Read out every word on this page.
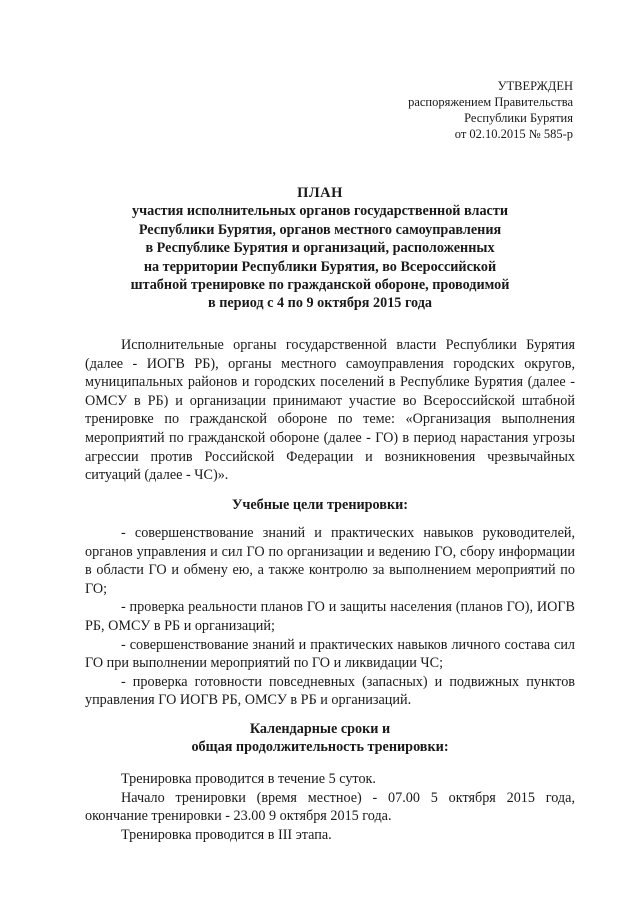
УТВЕРЖДЕН
распоряжением Правительства
Республики Бурятия
от 02.10.2015 № 585-р
ПЛАН
участия исполнительных органов государственной власти
Республики Бурятия, органов местного самоуправления
в Республике Бурятия и организаций, расположенных
на территории Республики Бурятия, во Всероссийской
штабной тренировке по гражданской обороне, проводимой
в период с 4 по 9 октября 2015 года

Исполнительные органы государственной власти Республики Бурятия (далее - ИОГВ РБ), органы местного самоуправления городских округов, муниципальных районов и городских поселений в Республике Бурятия (далее - ОМСУ в РБ) и организации принимают участие во Всероссийской штабной тренировке по гражданской обороне по теме: «Организация выполнения мероприятий по гражданской обороне (далее - ГО) в период нарастания угрозы агрессии против Российской Федерации и возникновения чрезвычайных ситуаций (далее - ЧС)».

Учебные цели тренировки:

- совершенствование знаний и практических навыков руководителей, органов управления и сил ГО по организации и ведению ГО, сбору информации в области ГО и обмену ею, а также контролю за выполнением мероприятий по ГО;

- проверка реальности планов ГО и защиты населения (планов ГО), ИОГВ РБ, ОМСУ в РБ и организаций;

- совершенствование знаний и практических навыков личного состава сил ГО при выполнении мероприятий по ГО и ликвидации ЧС;

- проверка готовности повседневных (запасных) и подвижных пунктов управления ГО ИОГВ РБ, ОМСУ в РБ и организаций.

Календарные сроки и
общая продолжительность тренировки:

Тренировка проводится в течение 5 суток.

Начало тренировки (время местное) - 07.00 5 октября 2015 года, окончание тренировки - 23.00 9 октября 2015 года.

Тренировка проводится в III этапа.
